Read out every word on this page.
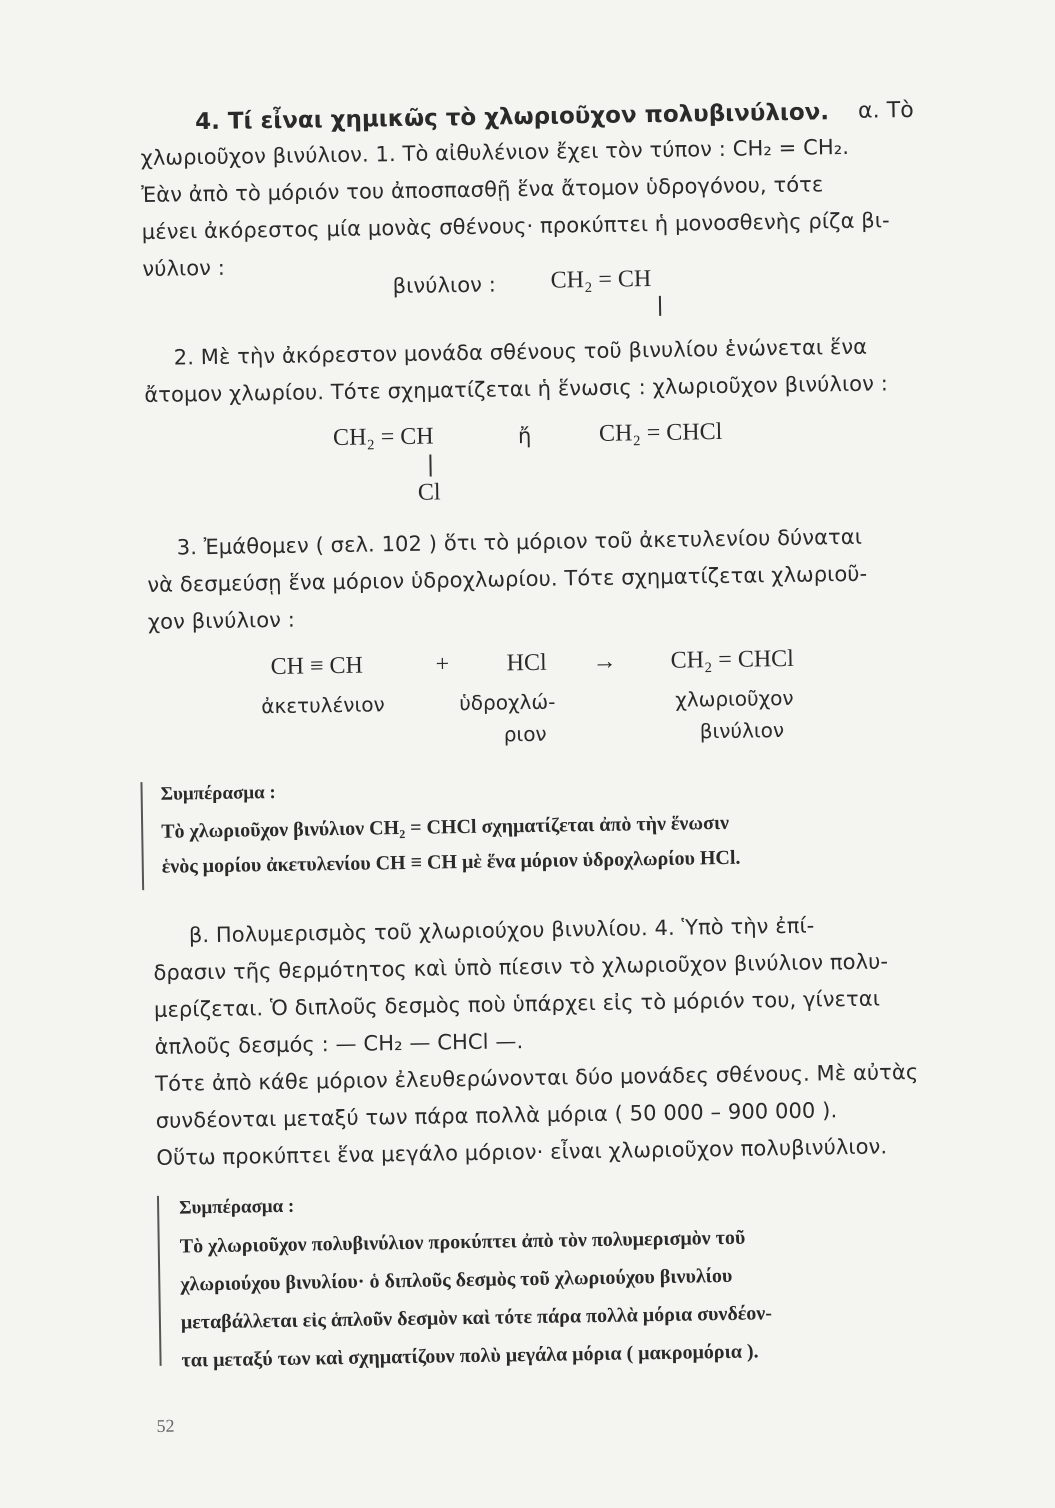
4. Τί εἶναι χημικῶς τὸ χλωριοῦχον πολυβινύλιον. α. Τὸ
χλωριοῦχον βινύλιον. 1. Τὸ αἰθυλένιον ἔχει τὸν τύπον : CH₂ = CH₂.
Ἐὰν ἀπὸ τὸ μόριόν του ἀποσπασθῇ ἕνα ἄτομον ὑδρογόνου, τότε
μένει ἀκόρεστος μία μονὰς σθένους· προκύπτει ἡ μονοσθενὴς ρίζα βι-
νύλιον :
βινύλιον : CH₂ = CH
2. Μὲ τὴν ἀκόρεστον μονάδα σθένους τοῦ βινυλίου ἑνώνεται ἕνα
ἄτομον χλωρίου. Τότε σχηματίζεται ἡ ἕνωσις : χλωριοῦχον βινύλιον :
CH₂ = CH	ἤ	CH₂ = CHCl
Cl
3. Ἐμάθομεν ( σελ. 102 ) ὅτι τὸ μόριον τοῦ ἀκετυλενίου δύναται
νὰ δεσμεύσῃ ἕνα μόριον ὑδροχλωρίου. Τότε σχηματίζεται χλωριοῦ-
χον βινύλιον :
CH ≡ CH	+ HCl → CH₂ = CHCl
ἀκετυλένιον	ὑδροχλώ-
ριον
χλωριοῦχον
βινύλιον
Συμπέρασμα :
Τὸ χλωριοῦχον βινύλιον CH₂ = CHCl σχηματίζεται ἀπὸ τὴν ἕνωσιν
ἑνὸς μορίου ἀκετυλενίου CH ≡ CH μὲ ἕνα μόριον ὑδροχλωρίου HCl.
β. Πολυμερισμὸς τοῦ χλωριούχου βινυλίου. 4. Ὑπὸ τὴν ἐπί-
δρασιν τῆς θερμότητος καὶ ὑπὸ πίεσιν τὸ χλωριοῦχον βινύλιον πολυ-
μερίζεται. Ὁ διπλοῦς δεσμὸς ποὺ ὑπάρχει εἰς τὸ μόριόν του, γίνεται
ἁπλοῦς δεσμός : — CH₂ — CHCl —.
Τότε ἀπὸ κάθε μόριον ἐλευθερώνονται δύο μονάδες σθένους. Μὲ αὐτὰς
συνδέονται μεταξύ των πάρα πολλὰ μόρια ( 50 000 – 900 000 ).
Οὕτω προκύπτει ἕνα μεγάλο μόριον· εἶναι χλωριοῦχον πολυβινύλιον.
Συμπέρασμα :
Τὸ χλωριοῦχον πολυβινύλιον προκύπτει ἀπὸ τὸν πολυμερισμὸν τοῦ
χλωριούχου βινυλίου· ὁ διπλοῦς δεσμὸς τοῦ χλωριούχου βινυλίου
μεταβάλλεται εἰς ἁπλοῦν δεσμὸν καὶ τότε πάρα πολλὰ μόρια συνδέον-
ται μεταξύ των καὶ σχηματίζουν πολὺ μεγάλα μόρια ( μακρομόρια ).
52
